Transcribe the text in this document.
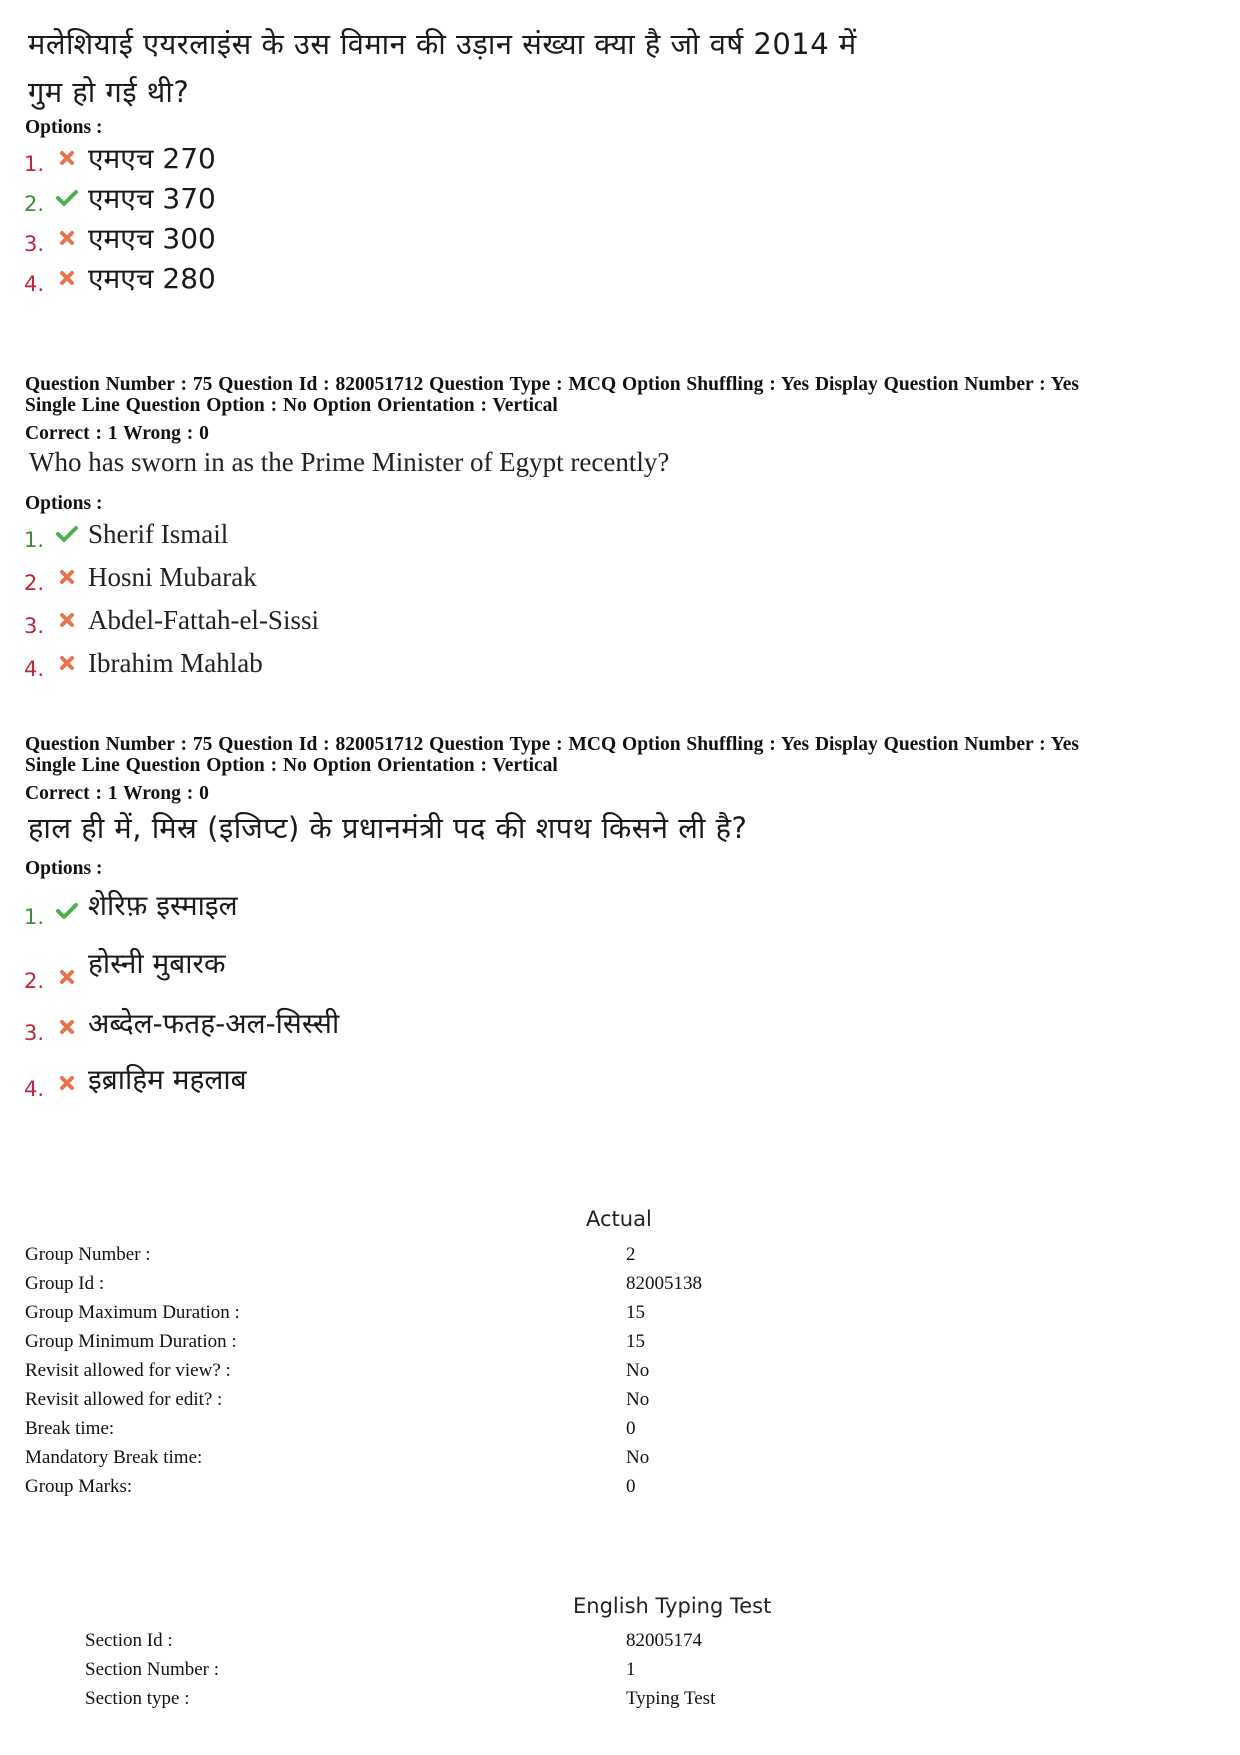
मलेशियाई एयरलाइंस के उस विमान की उड़ान संख्या क्या है जो वर्ष 2014 में
गुम हो गई थी?
Options :
1.	एमएच 270
2.	एमएच 370
3.	एमएच 300
4.	एमएच 280
Question Number : 75 Question Id : 820051712 Question Type : MCQ Option Shuffling : Yes Display Question Number : Yes
Single Line Question Option : No Option Orientation : Vertical
Correct : 1 Wrong : 0
Who has sworn in as the Prime Minister of Egypt recently?
Options :
1.	Sherif Ismail
2.	Hosni Mubarak
3.	Abdel-Fattah-el-Sissi
4.	Ibrahim Mahlab
Question Number : 75 Question Id : 820051712 Question Type : MCQ Option Shuffling : Yes Display Question Number : Yes
Single Line Question Option : No Option Orientation : Vertical
Correct : 1 Wrong : 0
हाल ही में, मिस्र (इजिप्ट) के प्रधानमंत्री पद की शपथ किसने ली है?
Options :
1.	शेरिफ़ इस्माइल
2.
होस्नी मुबारक
3.	अब्देल-फतह-अल-सिस्सी
4.	इब्राहिम महलाब
Actual
Group Number :	2
Group Id :	82005138
Group Maximum Duration :	15
Group Minimum Duration :	15
Revisit allowed for view? :	No
Revisit allowed for edit? :	No
Break time:	0
Mandatory Break time:	No
Group Marks:	0
English Typing Test
Section Id :	82005174
Section Number :	1
Section type :	Typing Test
